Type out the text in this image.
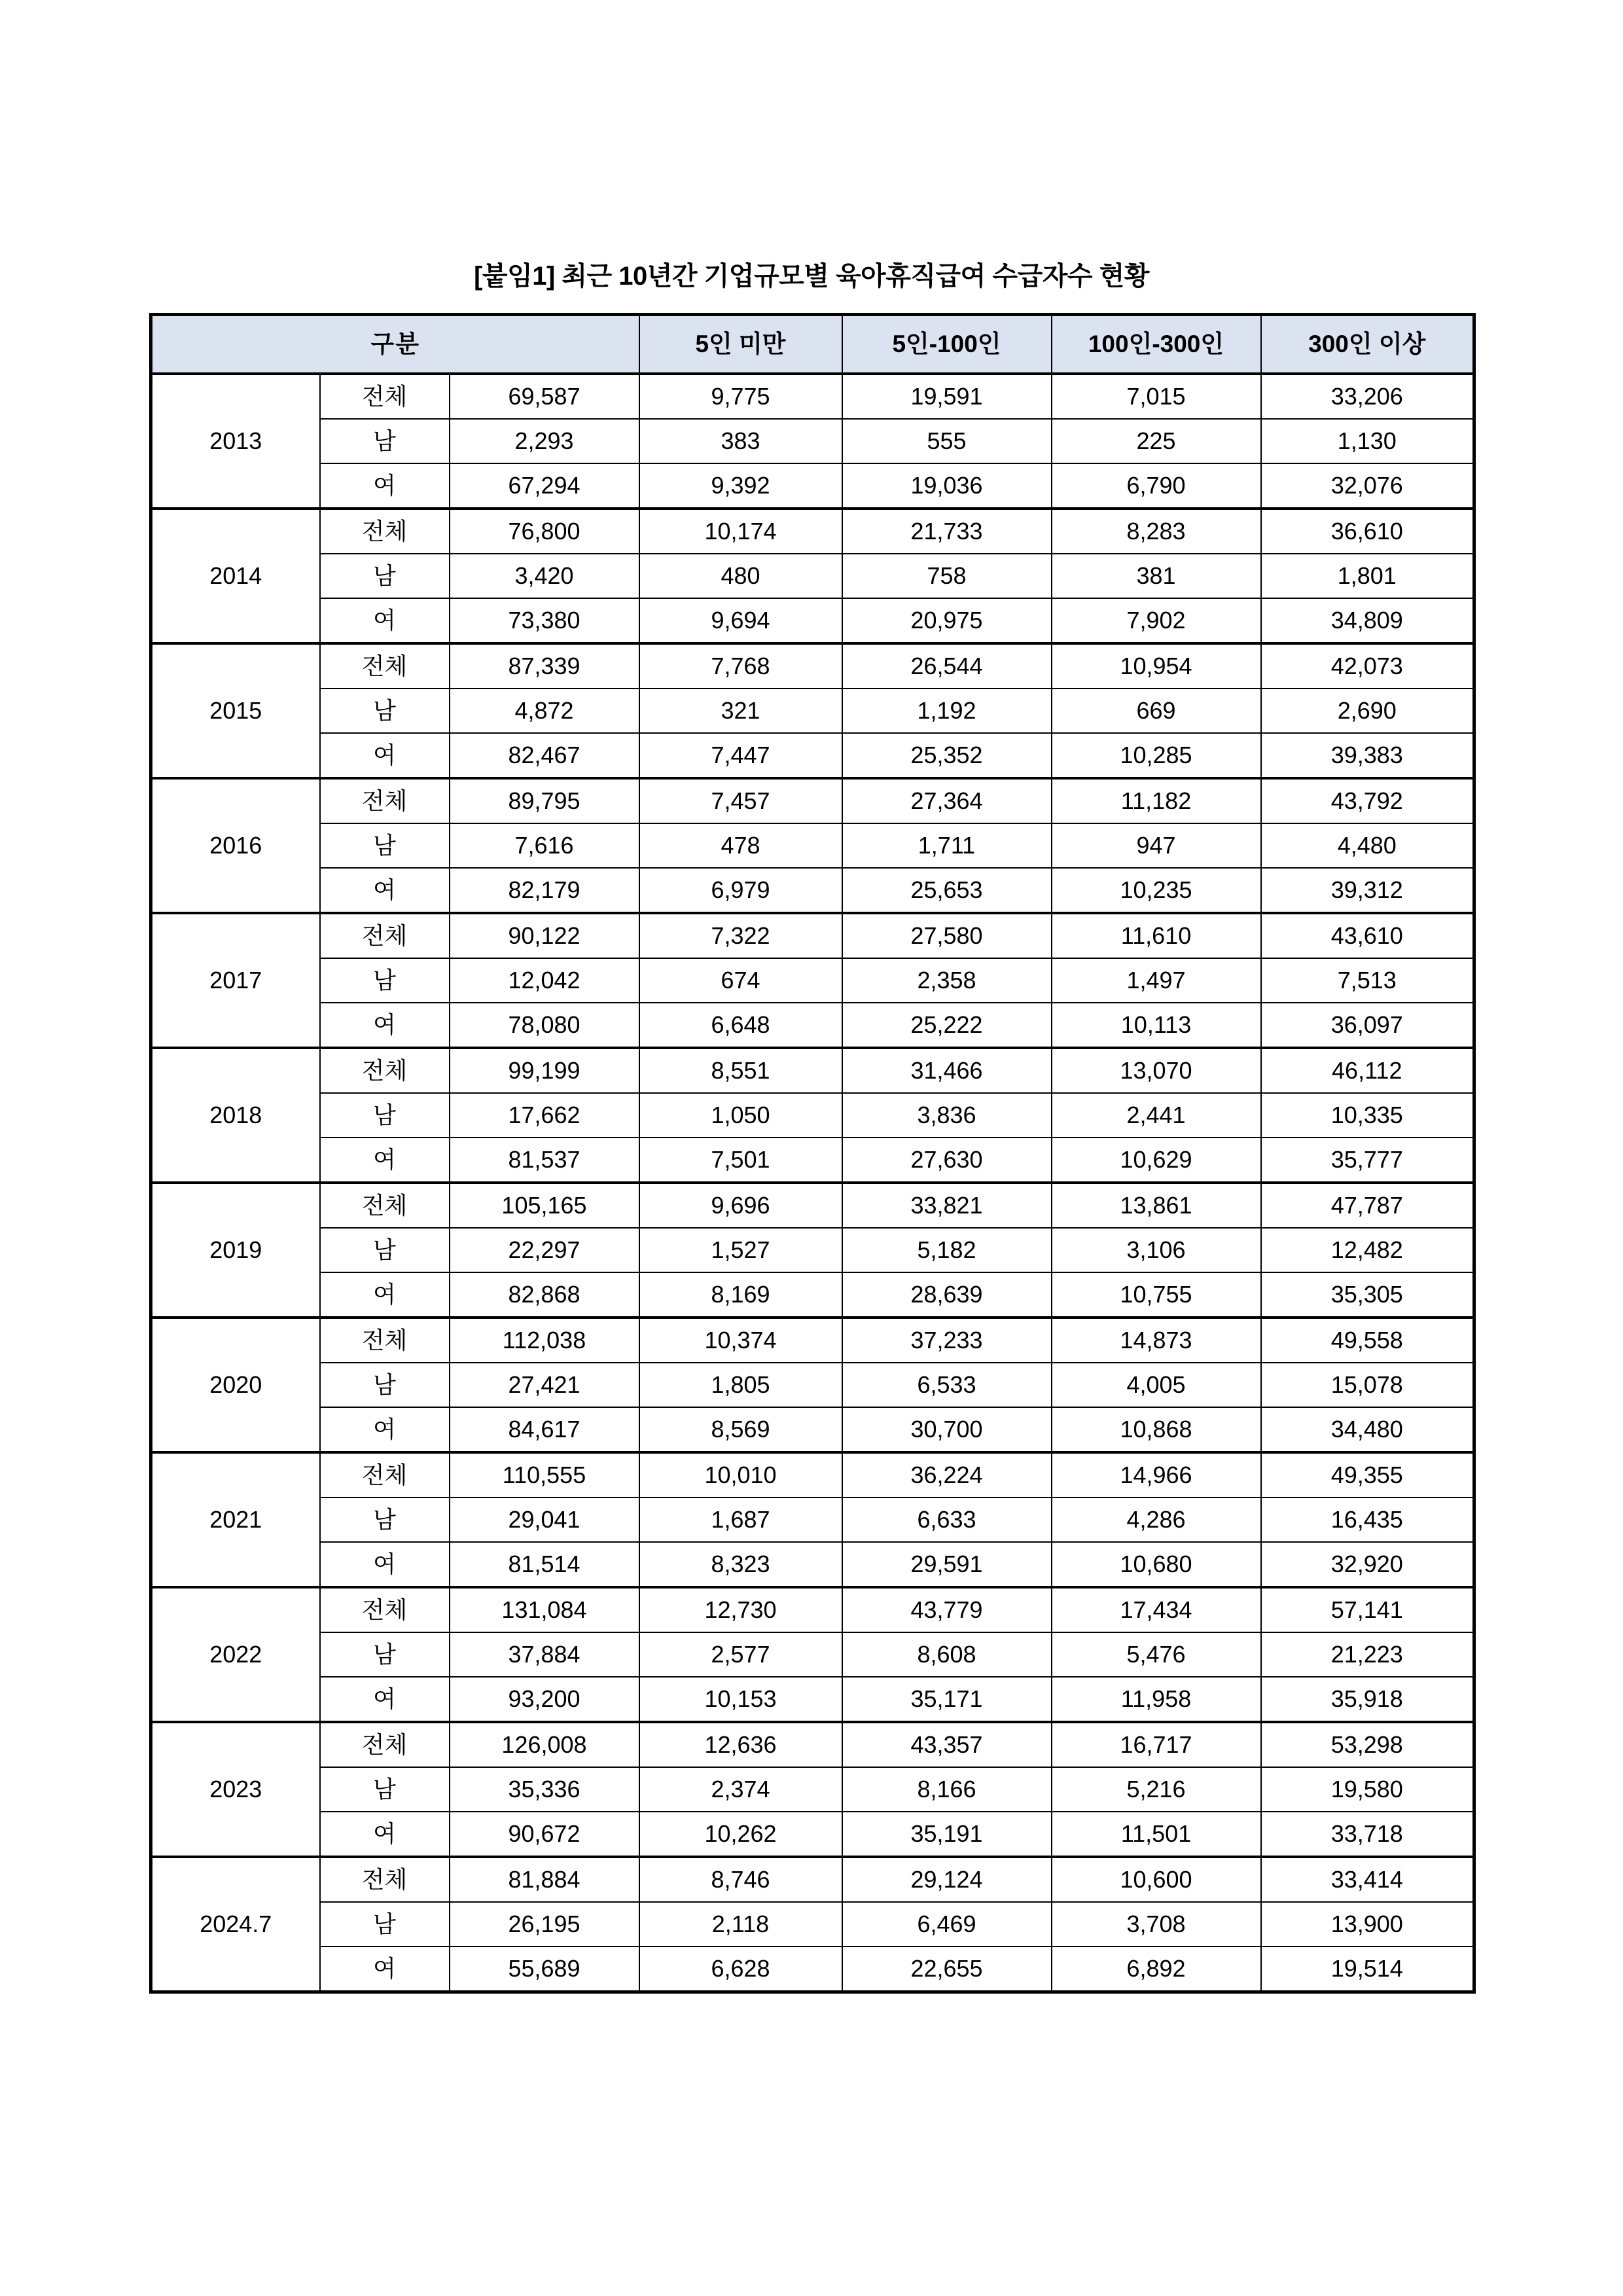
[붙임1] 최근 10년간 기업규모별 육아휴직급여 수급자수 현황
구분			5인 미만	5인-100인	100인-300인	300인 이상
2013	전체	69,587	9,775	19,591	7,015	33,206
	남	2,293	383	555	225	1,130
	여	67,294	9,392	19,036	6,790	32,076
2014	전체	76,800	10,174	21,733	8,283	36,610
	남	3,420	480	758	381	1,801
	여	73,380	9,694	20,975	7,902	34,809
2015	전체	87,339	7,768	26,544	10,954	42,073
	남	4,872	321	1,192	669	2,690
	여	82,467	7,447	25,352	10,285	39,383
2016	전체	89,795	7,457	27,364	11,182	43,792
	남	7,616	478	1,711	947	4,480
	여	82,179	6,979	25,653	10,235	39,312
2017	전체	90,122	7,322	27,580	11,610	43,610
	남	12,042	674	2,358	1,497	7,513
	여	78,080	6,648	25,222	10,113	36,097
2018	전체	99,199	8,551	31,466	13,070	46,112
	남	17,662	1,050	3,836	2,441	10,335
	여	81,537	7,501	27,630	10,629	35,777
2019	전체	105,165	9,696	33,821	13,861	47,787
	남	22,297	1,527	5,182	3,106	12,482
	여	82,868	8,169	28,639	10,755	35,305
2020	전체	112,038	10,374	37,233	14,873	49,558
	남	27,421	1,805	6,533	4,005	15,078
	여	84,617	8,569	30,700	10,868	34,480
2021	전체	110,555	10,010	36,224	14,966	49,355
	남	29,041	1,687	6,633	4,286	16,435
	여	81,514	8,323	29,591	10,680	32,920
2022	전체	131,084	12,730	43,779	17,434	57,141
	남	37,884	2,577	8,608	5,476	21,223
	여	93,200	10,153	35,171	11,958	35,918
2023	전체	126,008	12,636	43,357	16,717	53,298
	남	35,336	2,374	8,166	5,216	19,580
	여	90,672	10,262	35,191	11,501	33,718
2024.7	전체	81,884	8,746	29,124	10,600	33,414
	남	26,195	2,118	6,469	3,708	13,900
	여	55,689	6,628	22,655	6,892	19,514
